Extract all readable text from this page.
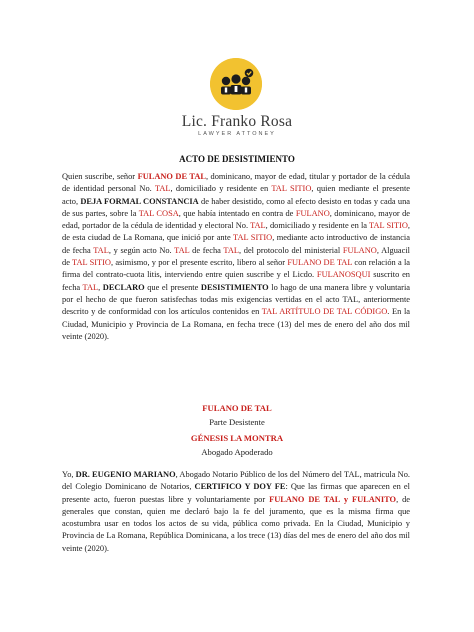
Lic. Franko Rosa
LAWYER ATTONEY
ACTO DE DESISTIMIENTO

Quien suscribe, señor FULANO DE TAL, dominicano, mayor de edad, titular y portador de la cédula de identidad personal No. TAL, domiciliado y residente en TAL SITIO, quien mediante el presente acto, DEJA FORMAL CONSTANCIA de haber desistido, como al efecto desisto en todas y cada una de sus partes, sobre la TAL COSA, que había intentado en contra de FULANO, dominicano, mayor de edad, portador de la cédula de identidad y electoral No. TAL, domiciliado y residente en la TAL SITIO, de esta ciudad de La Romana, que inició por ante TAL SITIO, mediante acto introductivo de instancia de fecha TAL, y según acto No. TAL de fecha TAL, del protocolo del ministerial FULANO, Alguacil de TAL SITIO, asimismo, y por el presente escrito, libero al señor FULANO DE TAL con relación a la firma del contrato-cuota litis, interviendo entre quien suscribe y el Licdo. FULANOSQUI suscrito en fecha TAL, DECLARO que el presente DESISTIMIENTO lo hago de una manera libre y voluntaria por el hecho de que fueron satisfechas todas mis exigencias vertidas en el acto TAL, anteriormente descrito y de conformidad con los artículos contenidos en TAL ARTÍTULO DE TAL CÓDIGO. En la Ciudad, Municipio y Provincia de La Romana, en fecha trece (13) del mes de enero del año dos mil veinte (2020).

FULANO DE TAL
Parte Desistente
GÉNESIS LA MONTRA
Abogado Apoderado

Yo, DR. EUGENIO MARIANO, Abogado Notario Público de los del Número del TAL, matricula No. del Colegio Dominicano de Notarios, CERTIFICO Y DOY FE: Que las firmas que aparecen en el presente acto, fueron puestas libre y voluntariamente por FULANO DE TAL y FULANITO, de generales que constan, quien me declaró bajo la fe del juramento, que es la misma firma que acostumbra usar en todos los actos de su vida, pública como privada. En la Ciudad, Municipio y Provincia de La Romana, República Dominicana, a los trece (13) días del mes de enero del año dos mil veinte (2020).
